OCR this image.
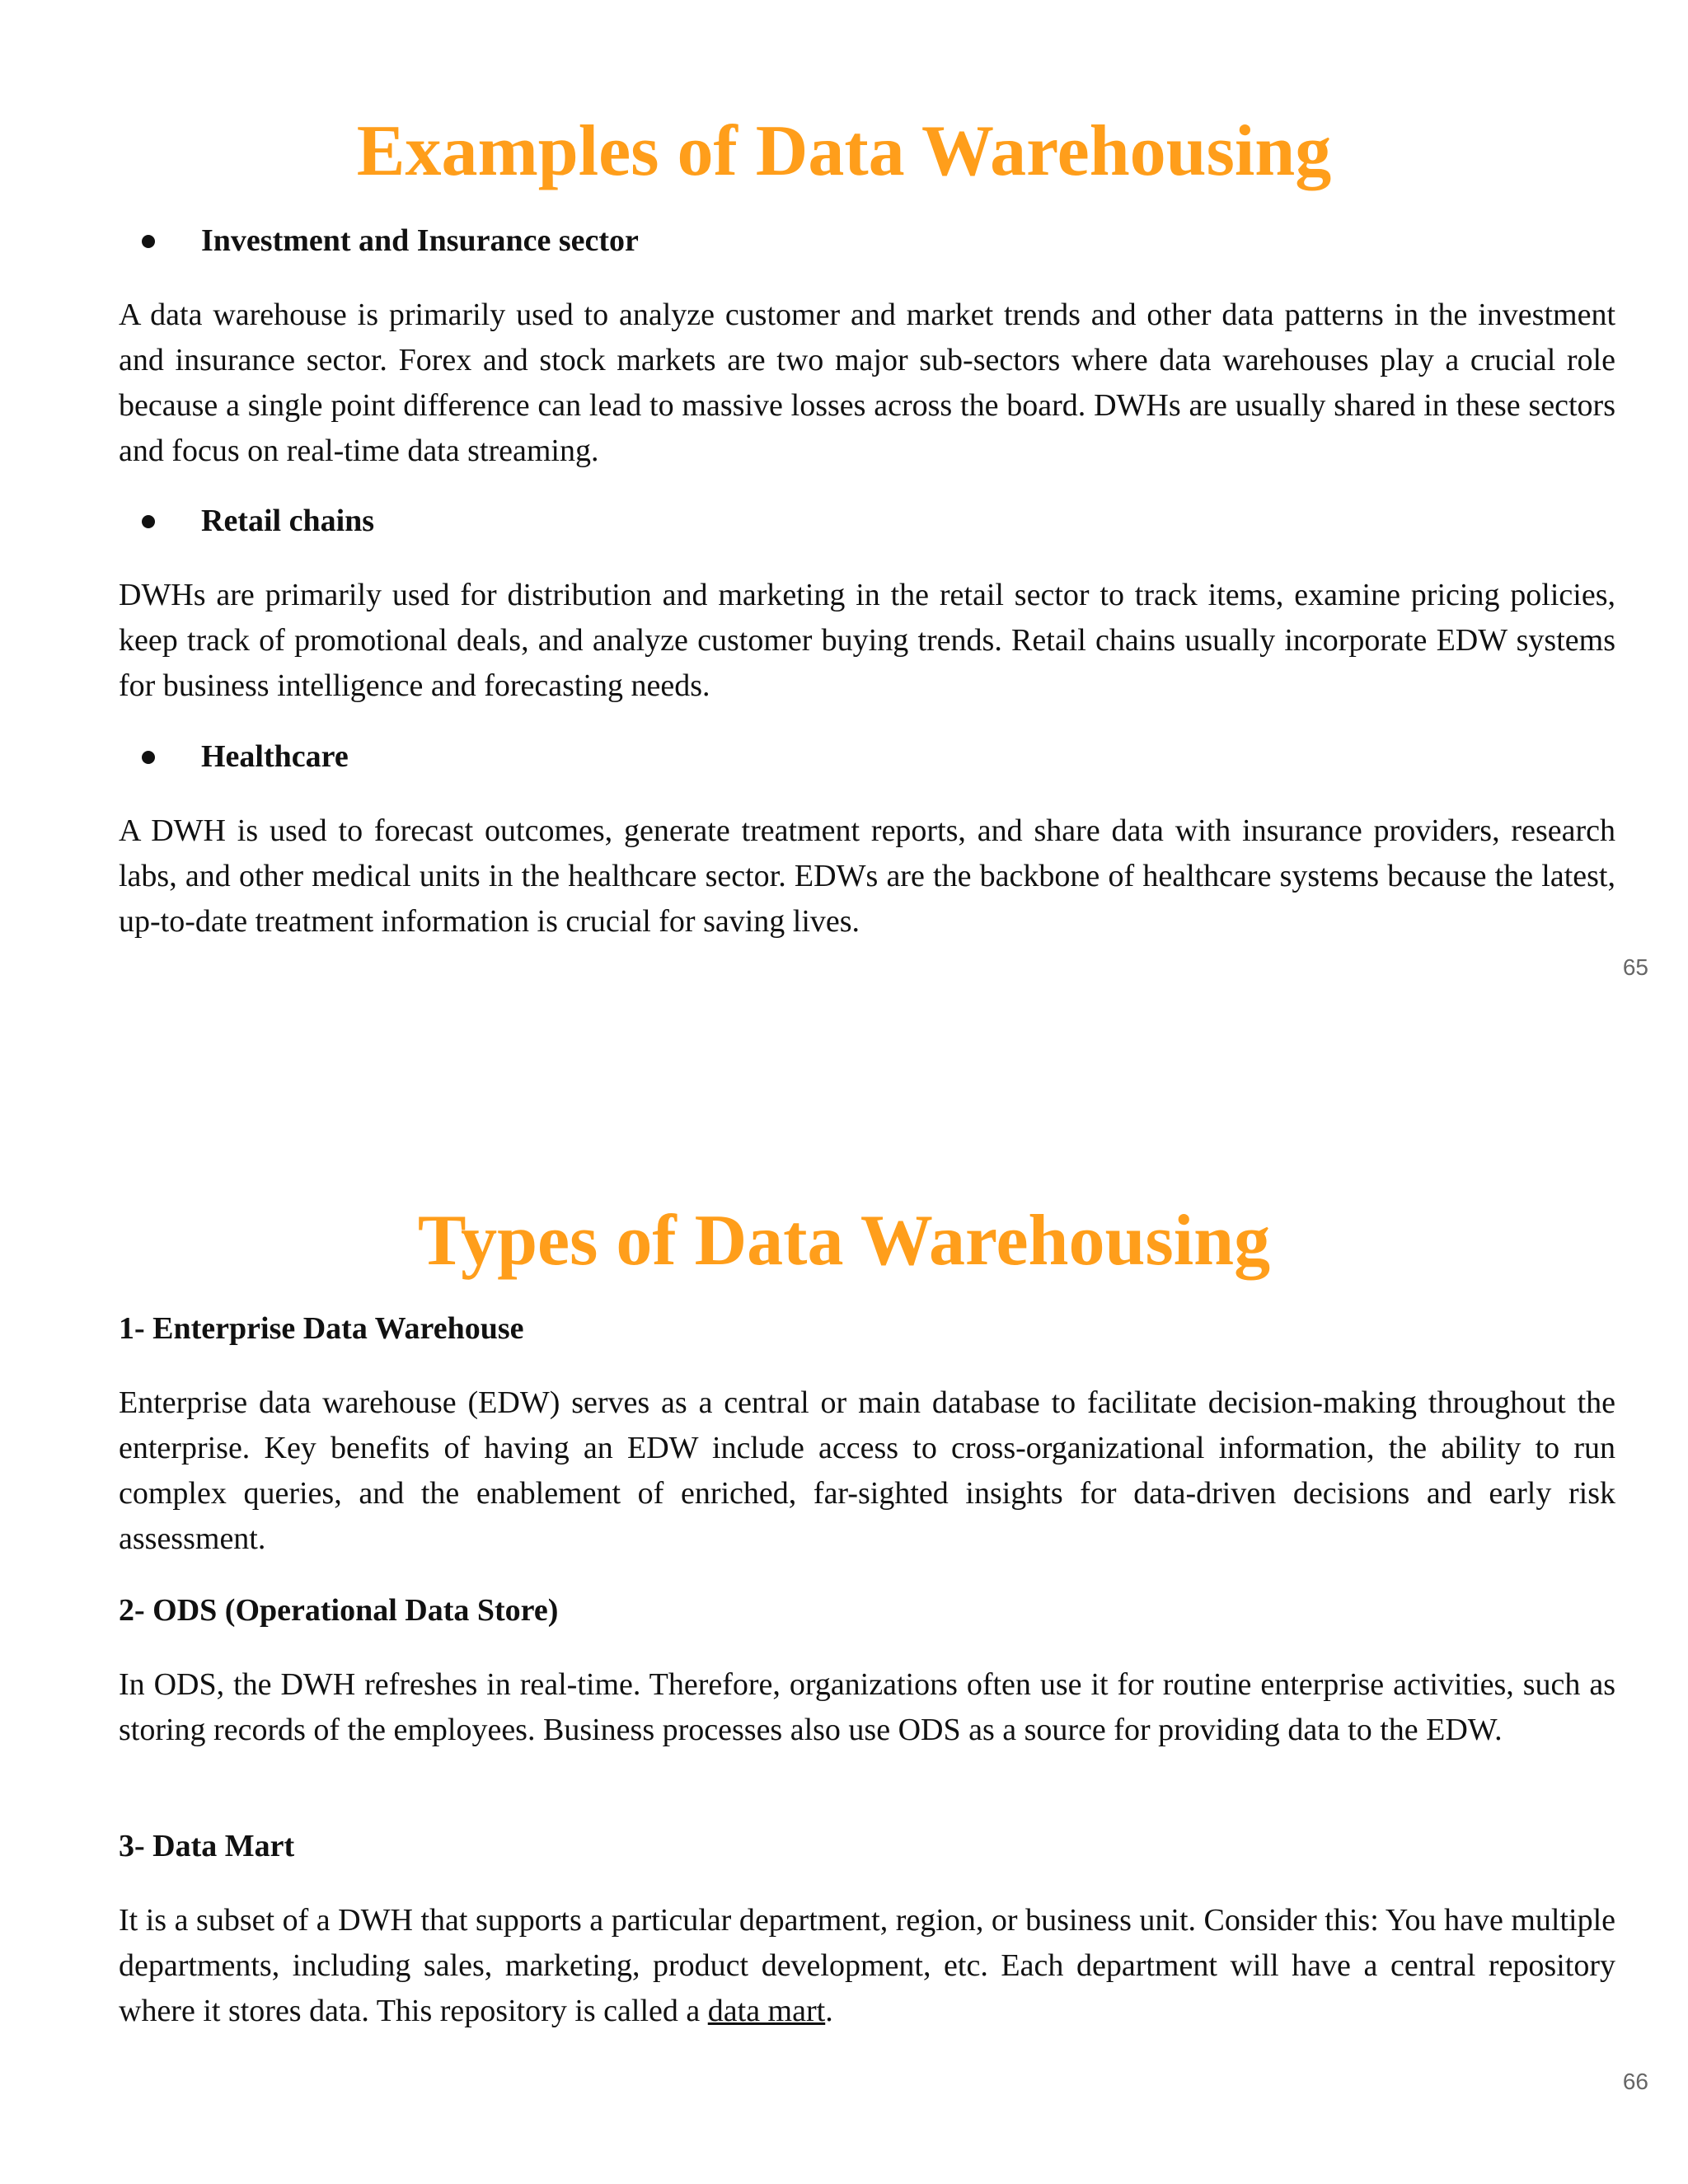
Examples of Data Warehousing
Investment and Insurance sector

A data warehouse is primarily used to analyze customer and market trends and other data patterns in the investment and insurance sector. Forex and stock markets are two major sub-sectors where data warehouses play a crucial role because a single point difference can lead to massive losses across the board. DWHs are usually shared in these sectors and focus on real-time data streaming.

Retail chains

DWHs are primarily used for distribution and marketing in the retail sector to track items, examine pricing policies, keep track of promotional deals, and analyze customer buying trends. Retail chains usually incorporate EDW systems for business intelligence and forecasting needs.

Healthcare

A DWH is used to forecast outcomes, generate treatment reports, and share data with insurance providers, research labs, and other medical units in the healthcare sector. EDWs are the backbone of healthcare systems because the latest, up-to-date treatment information is crucial for saving lives.

65

Types of Data Warehousing
1- Enterprise Data Warehouse

Enterprise data warehouse (EDW) serves as a central or main database to facilitate decision-making throughout the enterprise. Key benefits of having an EDW include access to cross-organizational information, the ability to run complex queries, and the enablement of enriched, far-sighted insights for data-driven decisions and early risk assessment.

2- ODS (Operational Data Store)

In ODS, the DWH refreshes in real-time. Therefore, organizations often use it for routine enterprise activities, such as storing records of the employees. Business processes also use ODS as a source for providing data to the EDW.

3- Data Mart

It is a subset of a DWH that supports a particular department, region, or business unit. Consider this: You have multiple departments, including sales, marketing, product development, etc. Each department will have a central repository where it stores data. This repository is called a data mart.

66
